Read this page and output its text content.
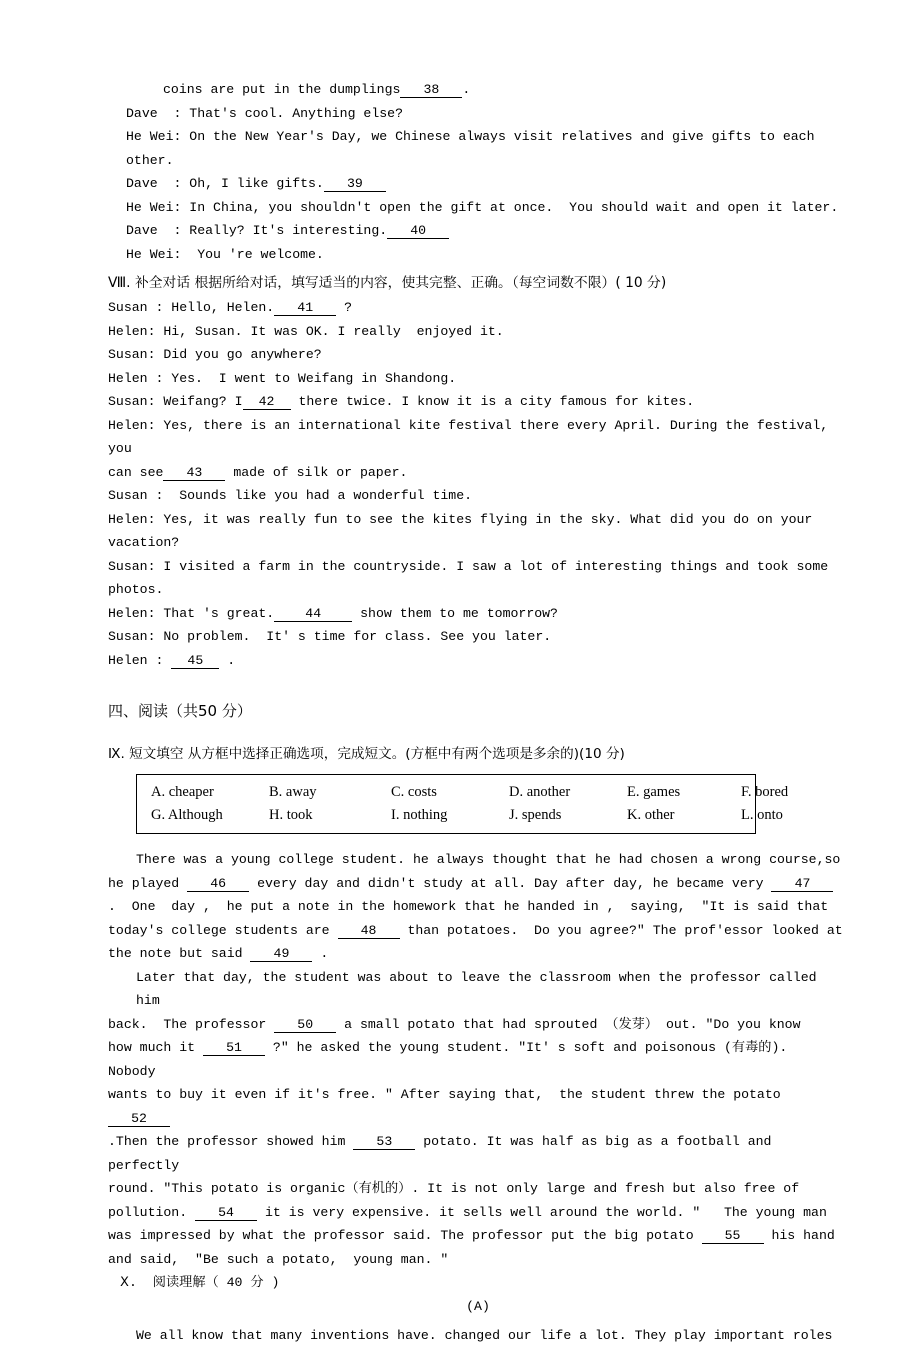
coins are put in the dumplings 38 .
Dave  : That's cool. Anything else?
He Wei: On the New Year's Day, we Chinese always visit relatives and give gifts to each  other.
Dave  : Oh, I like gifts. 39
He Wei: In China, you shouldn't open the gift at once.  You should wait and open it later.
Dave  : Really? It's interesting. 40
He Wei:  You 're welcome.
Ⅷ. 补全对话 根据所给对话，填写适当的内容，使其完整、正确。（每空词数不限）( 10 分)
Susan : Hello, Helen. 41 ?
Helen: Hi, Susan. It was OK. I really  enjoyed it.
Susan: Did you go anywhere?
Helen : Yes.  I went to Weifang in Shandong.
Susan: Weifang? I 42 there twice. I know it is a city famous for kites.
Helen: Yes, there is an international kite festival there every April. During the festival, you
can see 43 made of silk or paper.
Susan :  Sounds like you had a wonderful time.
Helen: Yes, it was really fun to see the kites flying in the sky. What did you do on your  vacation?
Susan: I visited a farm in the countryside. I saw a lot of interesting things and took some  photos.
Helen: That 's great. 44	show them to me tomorrow?
Susan: No problem.  It' s time for class. See you later.
Helen : 45 .
四、阅读（共50 分）
Ⅸ. 短文填空 从方框中选择正确选项，完成短文。(方框中有两个选项是多余的)(10 分)
A. cheaper	B. away	C. costs	D. another	E. games	F. bored
G. Although	H. took	I. nothing	J. spends	K. other	L. onto
There was a young college student. he always thought that he had chosen a wrong course,so
he played 46 every day and didn't study at all. Day after day, he became very 47
.  One  day ,  he put a note in the homework that he handed in ,  saying,  "It is said that
today's college students are 48 than potatoes.  Do you agree?" The prof'essor looked at
the note but said 49 .
Later that day, the student was about to leave the classroom when the professor called him
back.  The professor 50 a small potato that had sprouted （发芽） out. "Do you know
how much it 51 ?" he asked the young student. "It' s soft and poisonous (有毒的).  Nobody
wants to buy it even if it's free. " After saying that,  the student threw the potato 52
.Then the professor showed him 53 potato. It was half as big as a football and perfectly
round. "This potato is organic（有机的）. It is not only large and fresh but also free of
pollution. 54 it is very expensive. it sells well around the world. "   The young man
was impressed by what the professor said. The professor put the big potato 55 his hand
and said,  "Be such a potato,  young man. "
Ⅹ.  阅读理解（ 40 分 )
(A)
We all know that many inventions have. changed our life a lot. They play important roles
